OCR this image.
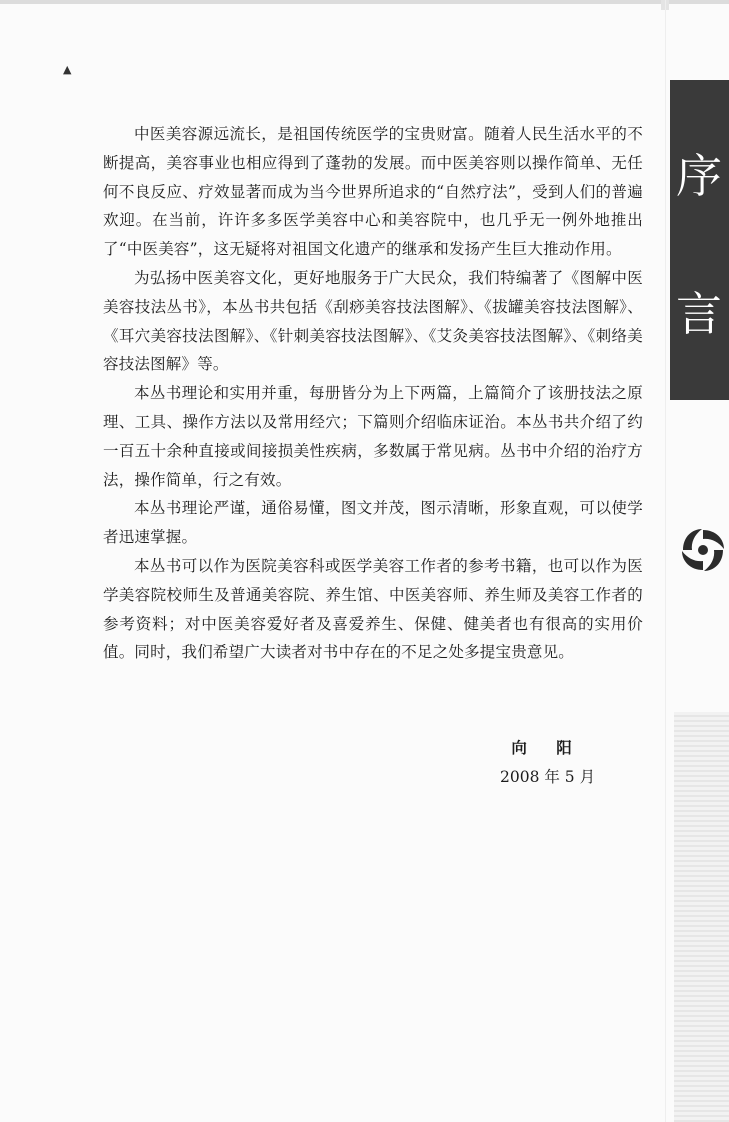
▲

中医美容源远流长，是祖国传统医学的宝贵财富。随着人民生活水平的不断提高，美容事业也相应得到了蓬勃的发展。而中医美容则以操作简单、无任何不良反应、疗效显著而成为当今世界所追求的“自然疗法”，受到人们的普遍欢迎。在当前，许许多多医学美容中心和美容院中，也几乎无一例外地推出了“中医美容”，这无疑将对祖国文化遗产的继承和发扬产生巨大推动作用。

为弘扬中医美容文化，更好地服务于广大民众，我们特编著了《图解中医美容技法丛书》，本丛书共包括《刮痧美容技法图解》、《拔罐美容技法图解》、《耳穴美容技法图解》、《针刺美容技法图解》、《艾灸美容技法图解》、《刺络美容技法图解》等。

本丛书理论和实用并重，每册皆分为上下两篇，上篇简介了该册技法之原理、工具、操作方法以及常用经穴；下篇则介绍临床证治。本丛书共介绍了约一百五十余种直接或间接损美性疾病，多数属于常见病。丛书中介绍的治疗方法，操作简单，行之有效。

本丛书理论严谨，通俗易懂，图文并茂，图示清晰，形象直观，可以使学者迅速掌握。

本丛书可以作为医院美容科或医学美容工作者的参考书籍，也可以作为医学美容院校师生及普通美容院、养生馆、中医美容师、养生师及美容工作者的参考资料；对中医美容爱好者及喜爱养生、保健、健美者也有很高的实用价值。同时，我们希望广大读者对书中存在的不足之处多提宝贵意见。

向 阳
2008 年 5 月
序
言
